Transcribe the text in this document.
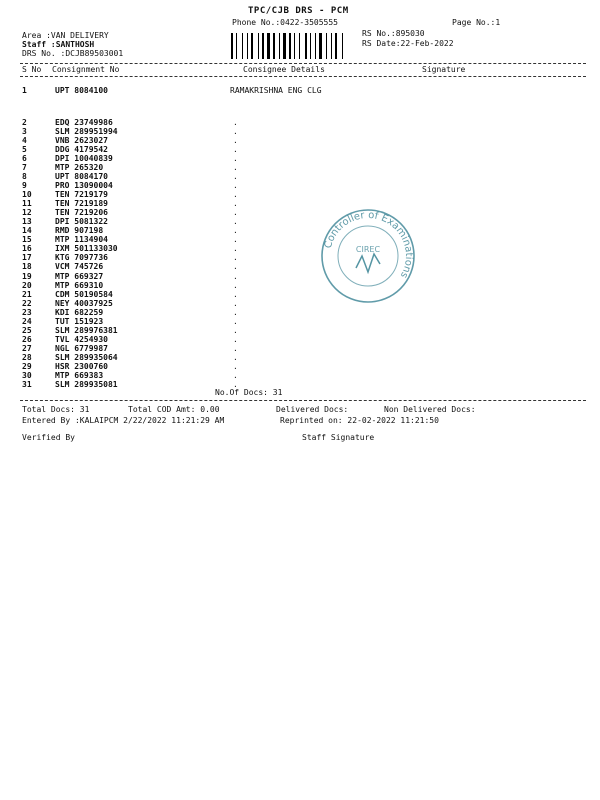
TPC/CJB DRS - PCM
Phone No.:0422-3505555	Page No.:1
Area :VAN DELIVERY
Staff :SANTHOSH
DRS No. :DCJB89503001
RS No.:895030
RS Date:22-Feb-2022
S No Consignment No	Consignee Details	Signature
1	UPT 8084100	RAMAKRISHNA ENG CLG
2	EDQ 23749986	.
3	SLM 289951994	.
4	VNB 2623027	.
5	DDG 4179542	.
6	DPI 10040839	.
7	MTP 265320	.
8	UPT 8084170	.
9	PRO 13090004	.
10	TEN 7219179	.
11	TEN 7219189	.
12	TEN 7219206	.
13	DPI 5081322	.
14	RMD 907198	.
15	MTP 1134904	.
16	IXM 501133030	.
17	KTG 7097736	.
18	VCM 745726	.
19	MTP 669327	.
20	MTP 669310	.
21	CDM 50190584	.
22	NEY 40037925	.
23	KDI 682259	.
24	TUT 151923	.
25	SLM 289976381	.
26	TVL 4254930	.
27	NGL 6779987	.
28	SLM 289935064	.
29	HSR 2300760	.
30	MTP 669383	.
31	SLM 289935081	.
No.Of Docs: 31
Total Docs: 31	Total COD Amt: 0.00	Delivered Docs:	Non Delivered Docs:
Entered By :KALAIPCM 2/22/2022 11:21:29 AM	Reprinted on: 22-02-2022 11:21:50
Verified By	Staff Signature
Controller of Examinations
CIREC
